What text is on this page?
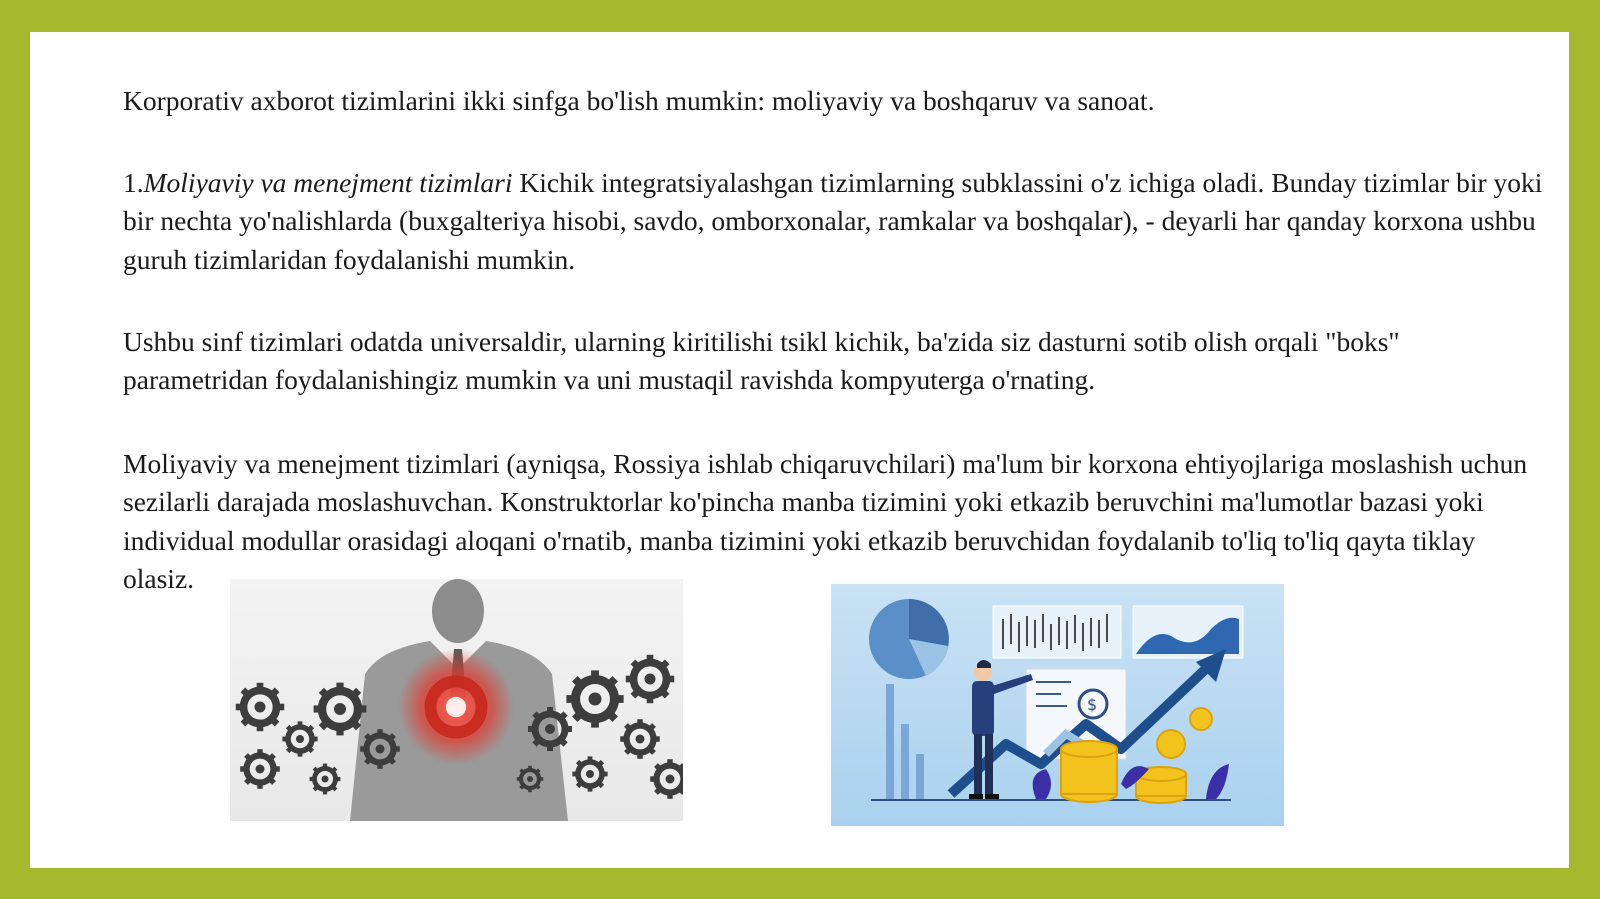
Korporativ axborot tizimlarini ikki sinfga bo'lish mumkin: moliyaviy va boshqaruv va sanoat.

1.Moliyaviy va menejment tizimlari Kichik integratsiyalashgan tizimlarning subklassini o'z ichiga oladi. Bunday tizimlar bir yoki bir nechta yo'nalishlarda (buxgalteriya hisobi, savdo, omborxonalar, ramkalar va boshqalar), - deyarli har qanday korxona ushbu guruh tizimlaridan foydalanishi mumkin.

Ushbu sinf tizimlari odatda universaldir, ularning kiritilishi tsikl kichik, ba'zida siz dasturni sotib olish orqali "boks" parametridan foydalanishingiz mumkin va uni mustaqil ravishda kompyuterga o'rnating.

Moliyaviy va menejment tizimlari (ayniqsa, Rossiya ishlab chiqaruvchilari) ma'lum bir korxona ehtiyojlariga moslashish uchun sezilarli darajada moslashuvchan. Konstruktorlar ko'pincha manba tizimini yoki etkazib beruvchini ma'lumotlar bazasi yoki individual modullar orasidagi aloqani o'rnatib, manba tizimini yoki etkazib beruvchidan foydalanib to'liq to'liq qayta tiklay olasiz.

$
